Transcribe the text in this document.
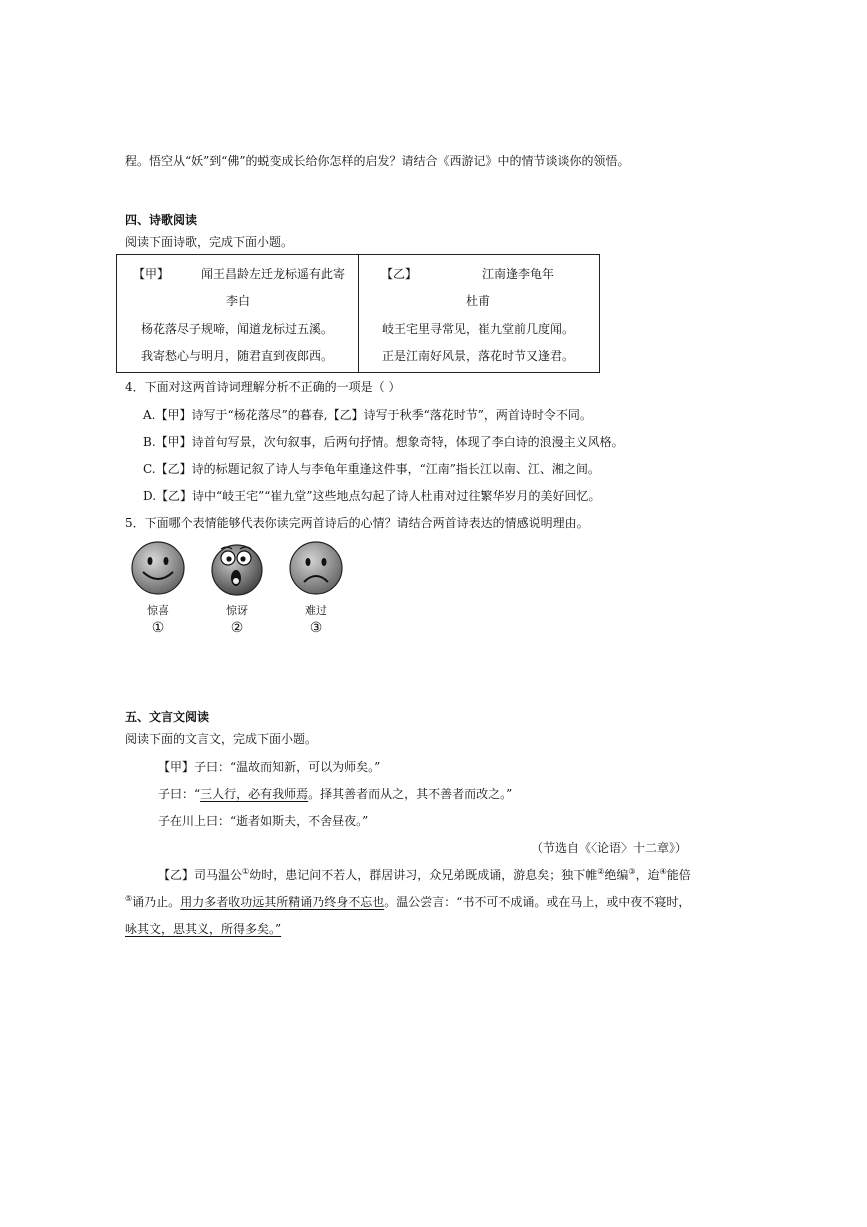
程。悟空从“妖”到“佛”的蜕变成长给你怎样的启发？请结合《西游记》中的情节谈谈你的领悟。
四、诗歌阅读
阅读下面诗歌，完成下面小题。
【甲】	闻王昌龄左迁龙标遥有此寄
李白
杨花落尽子规啼，闻道龙标过五溪。
我寄愁心与明月，随君直到夜郎西。
【乙】	江南逢李龟年
杜甫
岐王宅里寻常见，崔九堂前几度闻。
正是江南好风景，落花时节又逢君。
4．下面对这两首诗词理解分析不正确的一项是（ ）
A.【甲】诗写于“杨花落尽”的暮春,【乙】诗写于秋季“落花时节”，两首诗时令不同。
B.【甲】诗首句写景，次句叙事，后两句抒情。想象奇特，体现了李白诗的浪漫主义风格。
C.【乙】诗的标题记叙了诗人与李龟年重逢这件事，“江南”指长江以南、江、湘之间。
D.【乙】诗中“岐王宅”“崔九堂”这些地点勾起了诗人杜甫对过往繁华岁月的美好回忆。
5．下面哪个表情能够代表你读完两首诗后的心情？请结合两首诗表达的情感说明理由。
惊喜
①
惊讶
②
难过
③
五、文言文阅读
阅读下面的文言文，完成下面小题。
【甲】子曰：“温故而知新，可以为师矣。”
子曰：“三人行，必有我师焉。择其善者而从之，其不善者而改之。”
子在川上曰：“逝者如斯夫，不舍昼夜。”
（节选自《〈论语〉十二章》）
【乙】司马温公①幼时，患记问不若人，群居讲习，众兄弟既成诵，游息矣；独下帷②绝编③，迨④能倍
⑤诵乃止。用力多者收功远其所精诵乃终身不忘也。温公尝言：“书不可不成诵。或在马上，或中夜不寝时，
咏其文，思其义，所得多矣。”
